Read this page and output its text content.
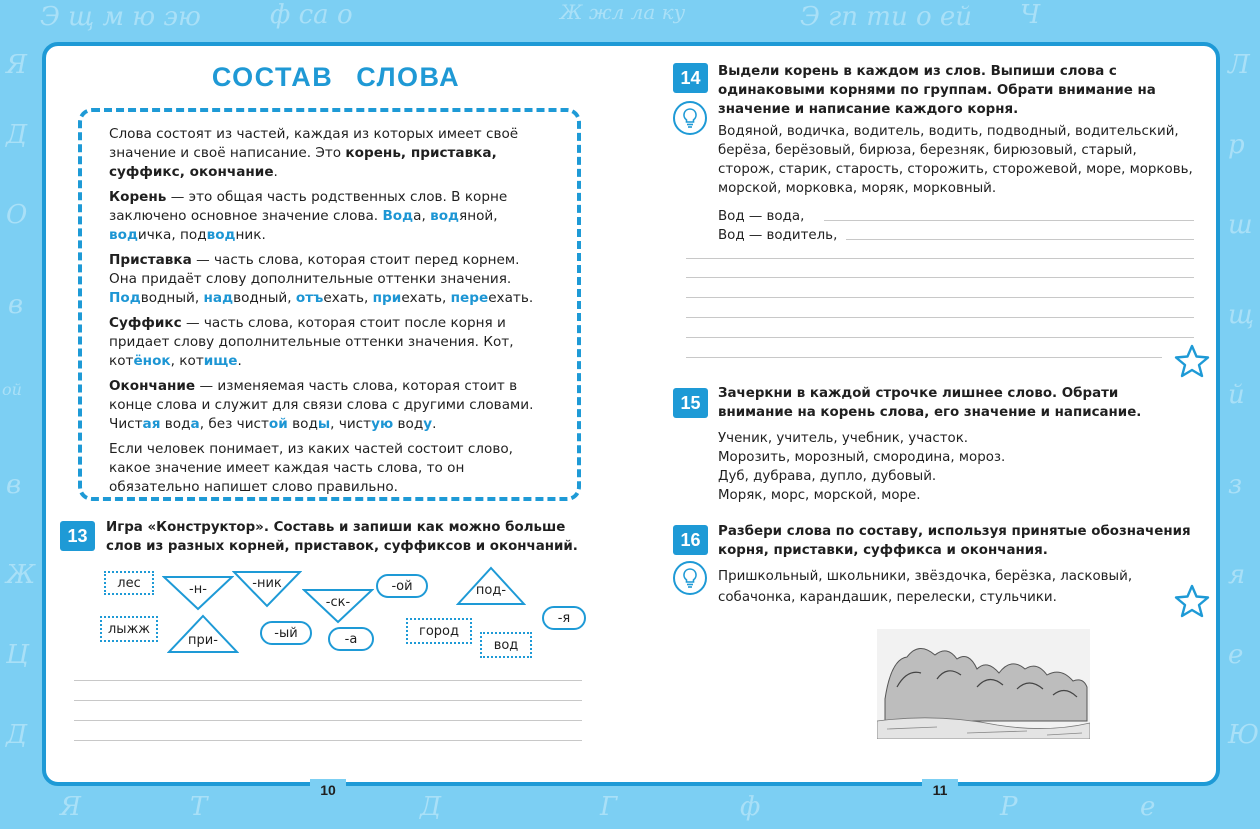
Э щ м ю эю	ф са о	Ж жл ла ку	Э гп ти о ей Ч
Я
Д
О
в
ой
в
Ж
Ц
Д
Л
р
ш
щ
й
з
я
е
Ю
Я	Т	Д	Г	ф	Р	е
СОСТАВ СЛОВА

Слова состоят из частей, каждая из которых имеет своё значение и своё написание. Это корень, приставка, суффикс, окончание.

Корень — это общая часть родственных слов. В корне заключено основное значение слова. Вода, водяной, водичка, подводник.

Приставка — часть слова, которая стоит перед корнем. Она придаёт слову дополнительные оттенки значения. Подводный, надводный, отъехать, приехать, переехать.

Суффикс — часть слова, которая стоит после корня и придает слову дополнительные оттенки значения. Кот, котёнок, котище.

Окончание — изменяемая часть слова, которая стоит в конце слова и служит для связи слова с другими словами. Чистая вода, без чистой воды, чистую воду.

Если человек понимает, из каких частей состоит слово, какое значение имеет каждая часть слова, то он обязательно напишет слово правильно.

13	Игра «Конструктор». Составь и запиши как можно больше слов из разных корней, приставок, суффиксов и окончаний.
лес	-н-	-ник
-ск-
-ой	под-
лыжж
при-	-ый	-а
город
вод
-я
10
14	Выдели корень в каждом из слов. Выпиши слова с одинаковыми корнями по группам. Обрати внимание на значение и написание каждого корня.
Водяной, водичка, водитель, водить, подводный, водительский, берёза, берёзовый, бирюза, березняк, бирюзовый, старый, сторож, старик, старость, сторожить, сторожевой, море, морковь, морской, морковка, моряк, морковный.
Вод — вода,
Вод — водитель,
15	Зачеркни в каждой строчке лишнее слово. Обрати внимание на корень слова, его значение и написание.
Ученик, учитель, учебник, участок.
Морозить, морозный, смородина, мороз.
Дуб, дубрава, дупло, дубовый.
Моряк, морс, морской, море.
16	Разбери слова по составу, используя принятые обозначения корня, приставки, суффикса и окончания.
Пришкольный, школьники, звёздочка, берёзка, ласковый, собачонка, карандашик, перелески, стульчики.
11
